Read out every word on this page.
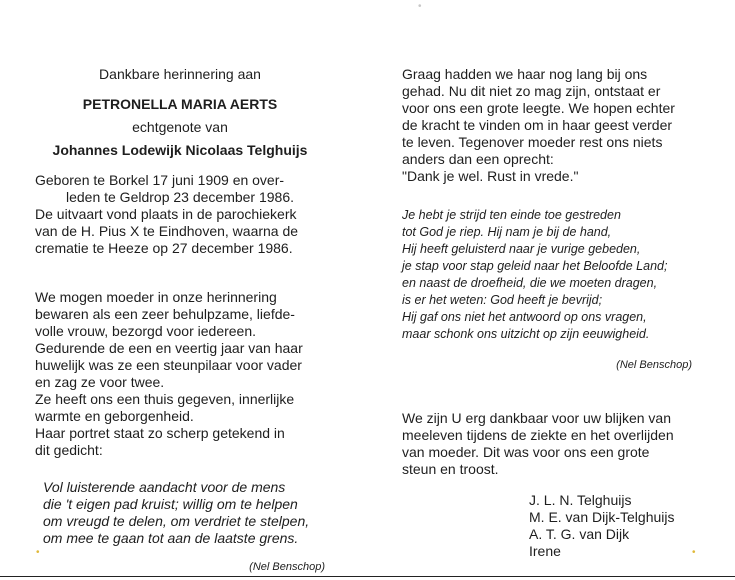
•	•
•

Dankbare herinnering aan

PETRONELLA MARIA AERTS

echtgenote van

Johannes Lodewijk Nicolaas Telghuijs

Geboren te Borkel 17 juni 1909 en over-

leden te Geldrop 23 december 1986.

De uitvaart vond plaats in de parochiekerk

van de H. Pius X te Eindhoven, waarna de

crematie te Heeze op 27 december 1986.

We mogen moeder in onze herinnering

bewaren als een zeer behulpzame, liefde-

volle vrouw, bezorgd voor iedereen.

Gedurende de een en veertig jaar van haar

huwelijk was ze een steunpilaar voor vader

en zag ze voor twee.

Ze heeft ons een thuis gegeven, innerlijke

warmte en geborgenheid.

Haar portret staat zo scherp getekend in

dit gedicht:

Vol luisterende aandacht voor de mens

die 't eigen pad kruist; willig om te helpen

om vreugd te delen, om verdriet te stelpen,

om mee te gaan tot aan de laatste grens.

(Nel Benschop)

Graag hadden we haar nog lang bij ons

gehad. Nu dit niet zo mag zijn, ontstaat er

voor ons een grote leegte. We hopen echter

de kracht te vinden om in haar geest verder

te leven. Tegenover moeder rest ons niets

anders dan een oprecht:

"Dank je wel. Rust in vrede."

Je hebt je strijd ten einde toe gestreden

tot God je riep. Hij nam je bij de hand,

Hij heeft geluisterd naar je vurige gebeden,

je stap voor stap geleid naar het Beloofde Land;

en naast de droefheid, die we moeten dragen,

is er het weten: God heeft je bevrijd;

Hij gaf ons niet het antwoord op ons vragen,

maar schonk ons uitzicht op zijn eeuwigheid.

(Nel Benschop)

We zijn U erg dankbaar voor uw blijken van

meeleven tijdens de ziekte en het overlijden

van moeder. Dit was voor ons een grote

steun en troost.

J. L. N. Telghuijs

M. E. van Dijk-Telghuijs

A. T. G. van Dijk

Irene
